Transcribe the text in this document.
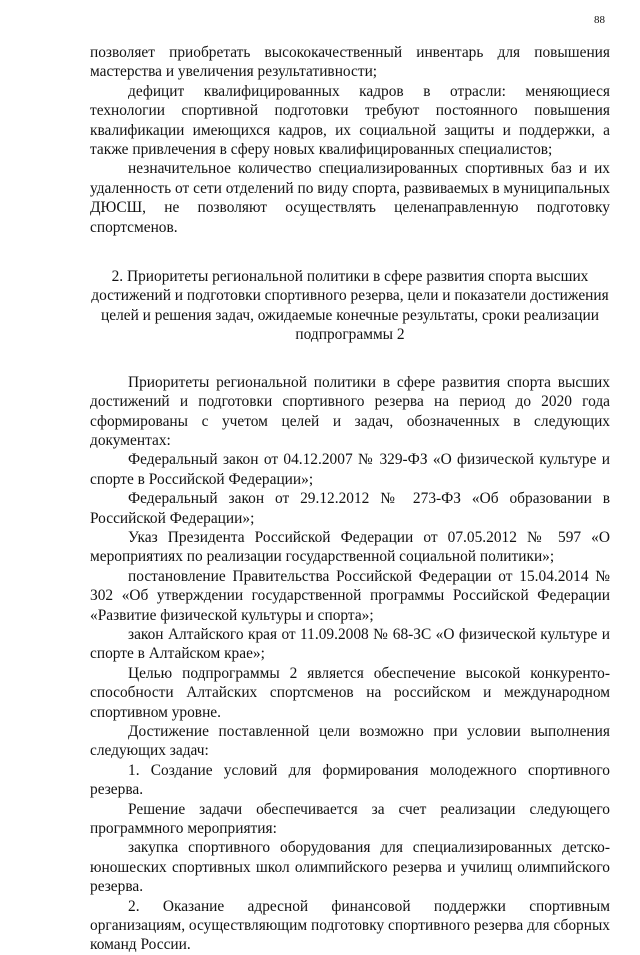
88

позволяет приобретать высококачественный инвентарь для повышения мастерства и увеличения результативности;

дефицит квалифицированных кадров в отрасли: меняющиеся технологии спортивной подготовки требуют постоянного повышения квалификации имеющихся кадров, их социальной защиты и поддержки, а также привлечения в сферу новых квалифицированных специалистов;

незначительное количество специализированных спортивных баз и их удаленность от сети отделений по виду спорта, развиваемых в муниципальных ДЮСШ, не позволяют осуществлять целенаправленную подготовку спортсменов.

2. Приоритеты региональной политики в сфере развития спорта высших достижений и подготовки спортивного резерва, цели и показатели достижения целей и решения задач, ожидаемые конечные результаты, сроки реализации подпрограммы 2

Приоритеты региональной политики в сфере развития спорта высших достижений и подготовки спортивного резерва на период до 2020 года сформированы с учетом целей и задач, обозначенных в следующих документах:

Федеральный закон от 04.12.2007 № 329-ФЗ «О физической культуре и спорте в Российской Федерации»;

Федеральный закон от 29.12.2012 № 273-ФЗ «Об образовании в Российской Федерации»;

Указ Президента Российской Федерации от 07.05.2012 № 597 «О мероприятиях по реализации государственной социальной политики»;

постановление Правительства Российской Федерации от 15.04.2014 № 302 «Об утверждении государственной программы Российской Федерации «Развитие физической культуры и спорта»;

закон Алтайского края от 11.09.2008 № 68-ЗС «О физической культуре и спорте в Алтайском крае»;

Целью подпрограммы 2 является обеспечение высокой конкуренто-способности Алтайских спортсменов на российском и международном спортивном уровне.

Достижение поставленной цели возможно при условии выполнения следующих задач:

1. Создание условий для формирования молодежного спортивного резерва.

Решение задачи обеспечивается за счет реализации следующего программного мероприятия:

закупка спортивного оборудования для специализированных детско-юношеских спортивных школ олимпийского резерва и училищ олимпийского резерва.

2. Оказание адресной финансовой поддержки спортивным организациям, осуществляющим подготовку спортивного резерва для сборных команд России.
